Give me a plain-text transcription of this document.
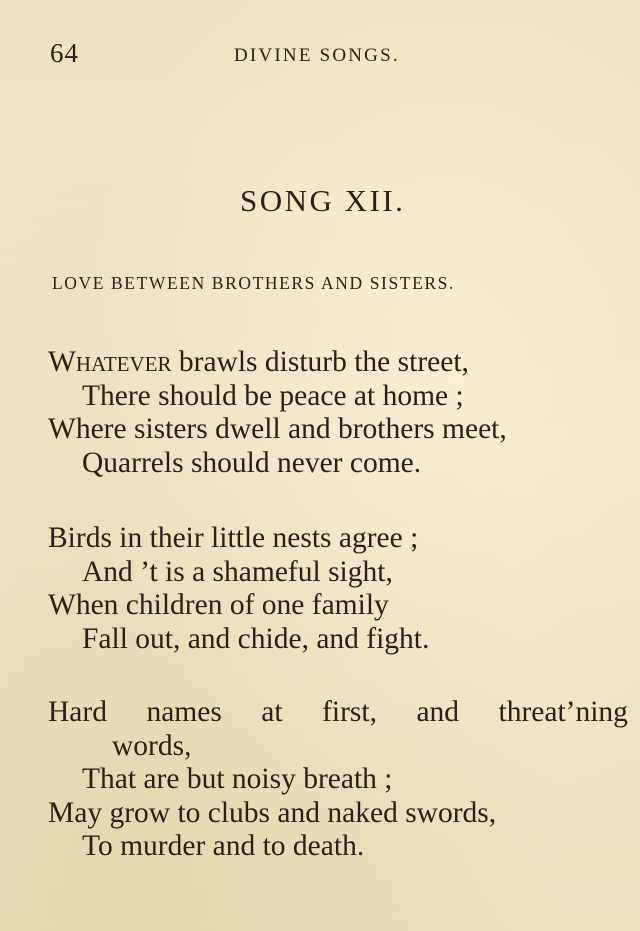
64	DIVINE SONGS.
SONG XII.
LOVE BETWEEN BROTHERS AND SISTERS.
Whatever brawls disturb the street,
There should be peace at home ;
Where sisters dwell and brothers meet,
Quarrels should never come.
Birds in their little nests agree ;
And ’t is a shameful sight,
When children of one family
Fall out, and chide, and fight.
Hard names at first, and threat’ning
words,
That are but noisy breath ;
May grow to clubs and naked swords,
To murder and to death.
